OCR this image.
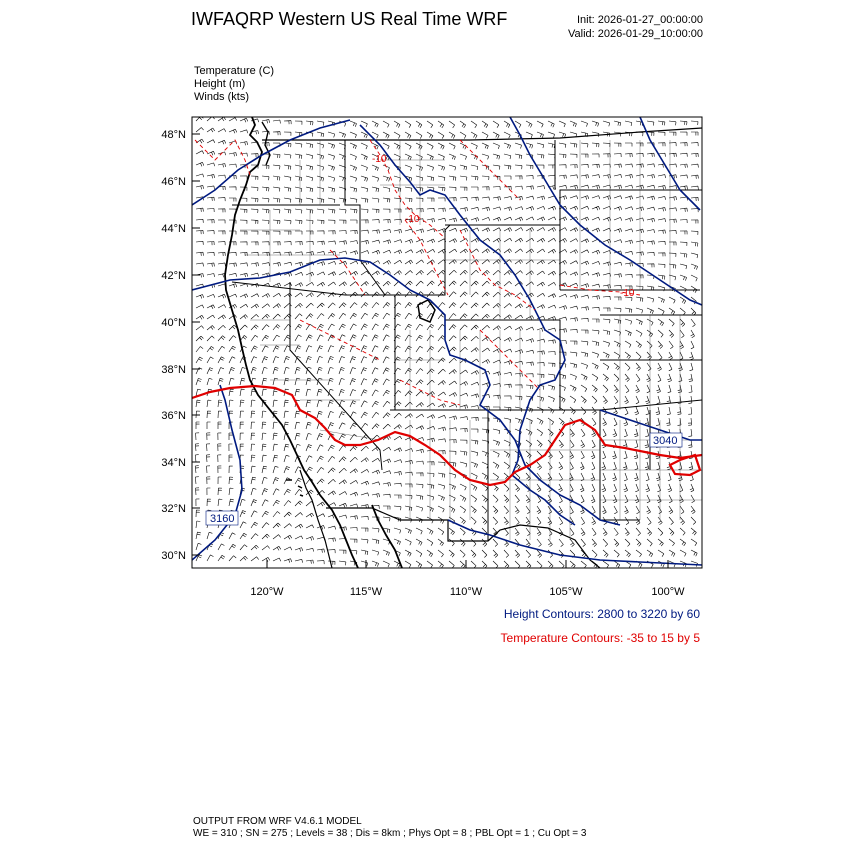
IWFAQRP Western US Real Time WRF	Init: 2026-01-27_00:00:00
Valid: 2026-01-29_10:00:00
Temperature (C)
Height (m)
Winds (kts)
3160
3040
-10
-10
-10
48°N
46°N
44°N
42°N
40°N
38°N
36°N
34°N
32°N
30°N
120°W	115°W	110°W	105°W	100°W
Height Contours: 2800 to 3220 by 60
Temperature Contours: -35 to 15 by 5
OUTPUT FROM WRF V4.6.1 MODEL
WE = 310 ; SN = 275 ; Levels = 38 ; Dis = 8km ; Phys Opt = 8 ; PBL Opt = 1 ; Cu Opt = 3
